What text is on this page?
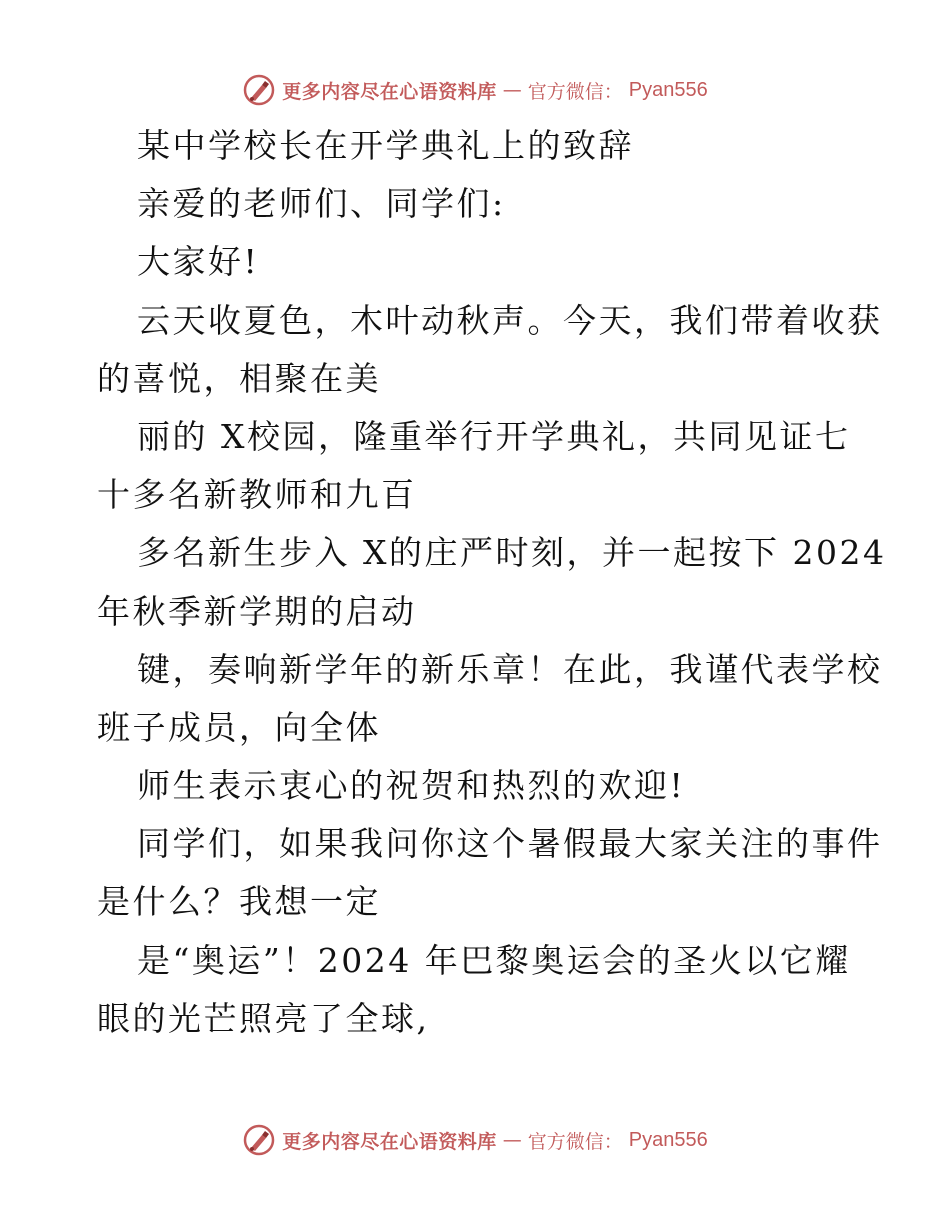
更多内容尽在心语资料库 — 官方微信： Pyan556
某中学校长在开学典礼上的致辞
亲爱的老师们、同学们:
大家好!
云天收夏色，木叶动秋声。今天，我们带着收获
的喜悦，相聚在美
丽的 X校园，隆重举行开学典礼，共同见证七
十多名新教师和九百
多名新生步入 X的庄严时刻，并一起按下 2024
年秋季新学期的启动
键，奏响新学年的新乐章！在此，我谨代表学校
班子成员，向全体
师生表示衷心的祝贺和热烈的欢迎!
同学们，如果我问你这个暑假最大家关注的事件
是什么？我想一定
是“奥运”！2024 年巴黎奥运会的圣火以它耀
眼的光芒照亮了全球,
更多内容尽在心语资料库 — 官方微信： Pyan556
